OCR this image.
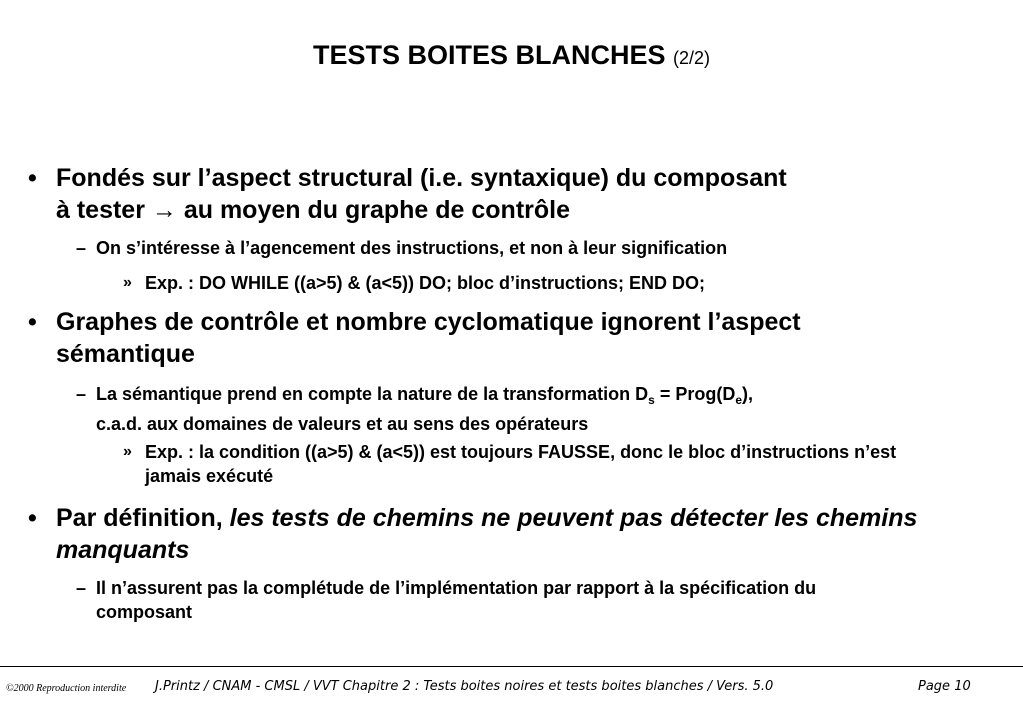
TESTS BOITES BLANCHES (2/2)
• Fondés sur l’aspect structural (i.e. syntaxique) du composant
à tester → au moyen du graphe de contrôle
– On s’intéresse à l’agencement des instructions, et non à leur signification
» Exp. : DO WHILE ((a>5) & (a<5)) DO; bloc d’instructions; END DO;
• Graphes de contrôle et nombre cyclomatique ignorent l’aspect sémantique
– La sémantique prend en compte la nature de la transformation $D_s$ = $Prog(D_e)$,
c.a.d. aux domaines de valeurs et au sens des opérateurs
» Exp. : la condition ((a>5) & (a<5)) est toujours FAUSSE, donc le bloc d’instructions n’est jamais exécuté
• Par définition, les tests de chemins ne peuvent pas détecter les chemins manquants
– Il n’assurent pas la complétude de l’implémentation par rapport à la spécification du composant
©2000 Reproduction interdite J.Printz / CNAM - CMSL / VVT Chapitre 2 : Tests boites noires et tests boites blanches / Vers. 5.0	Page 10
